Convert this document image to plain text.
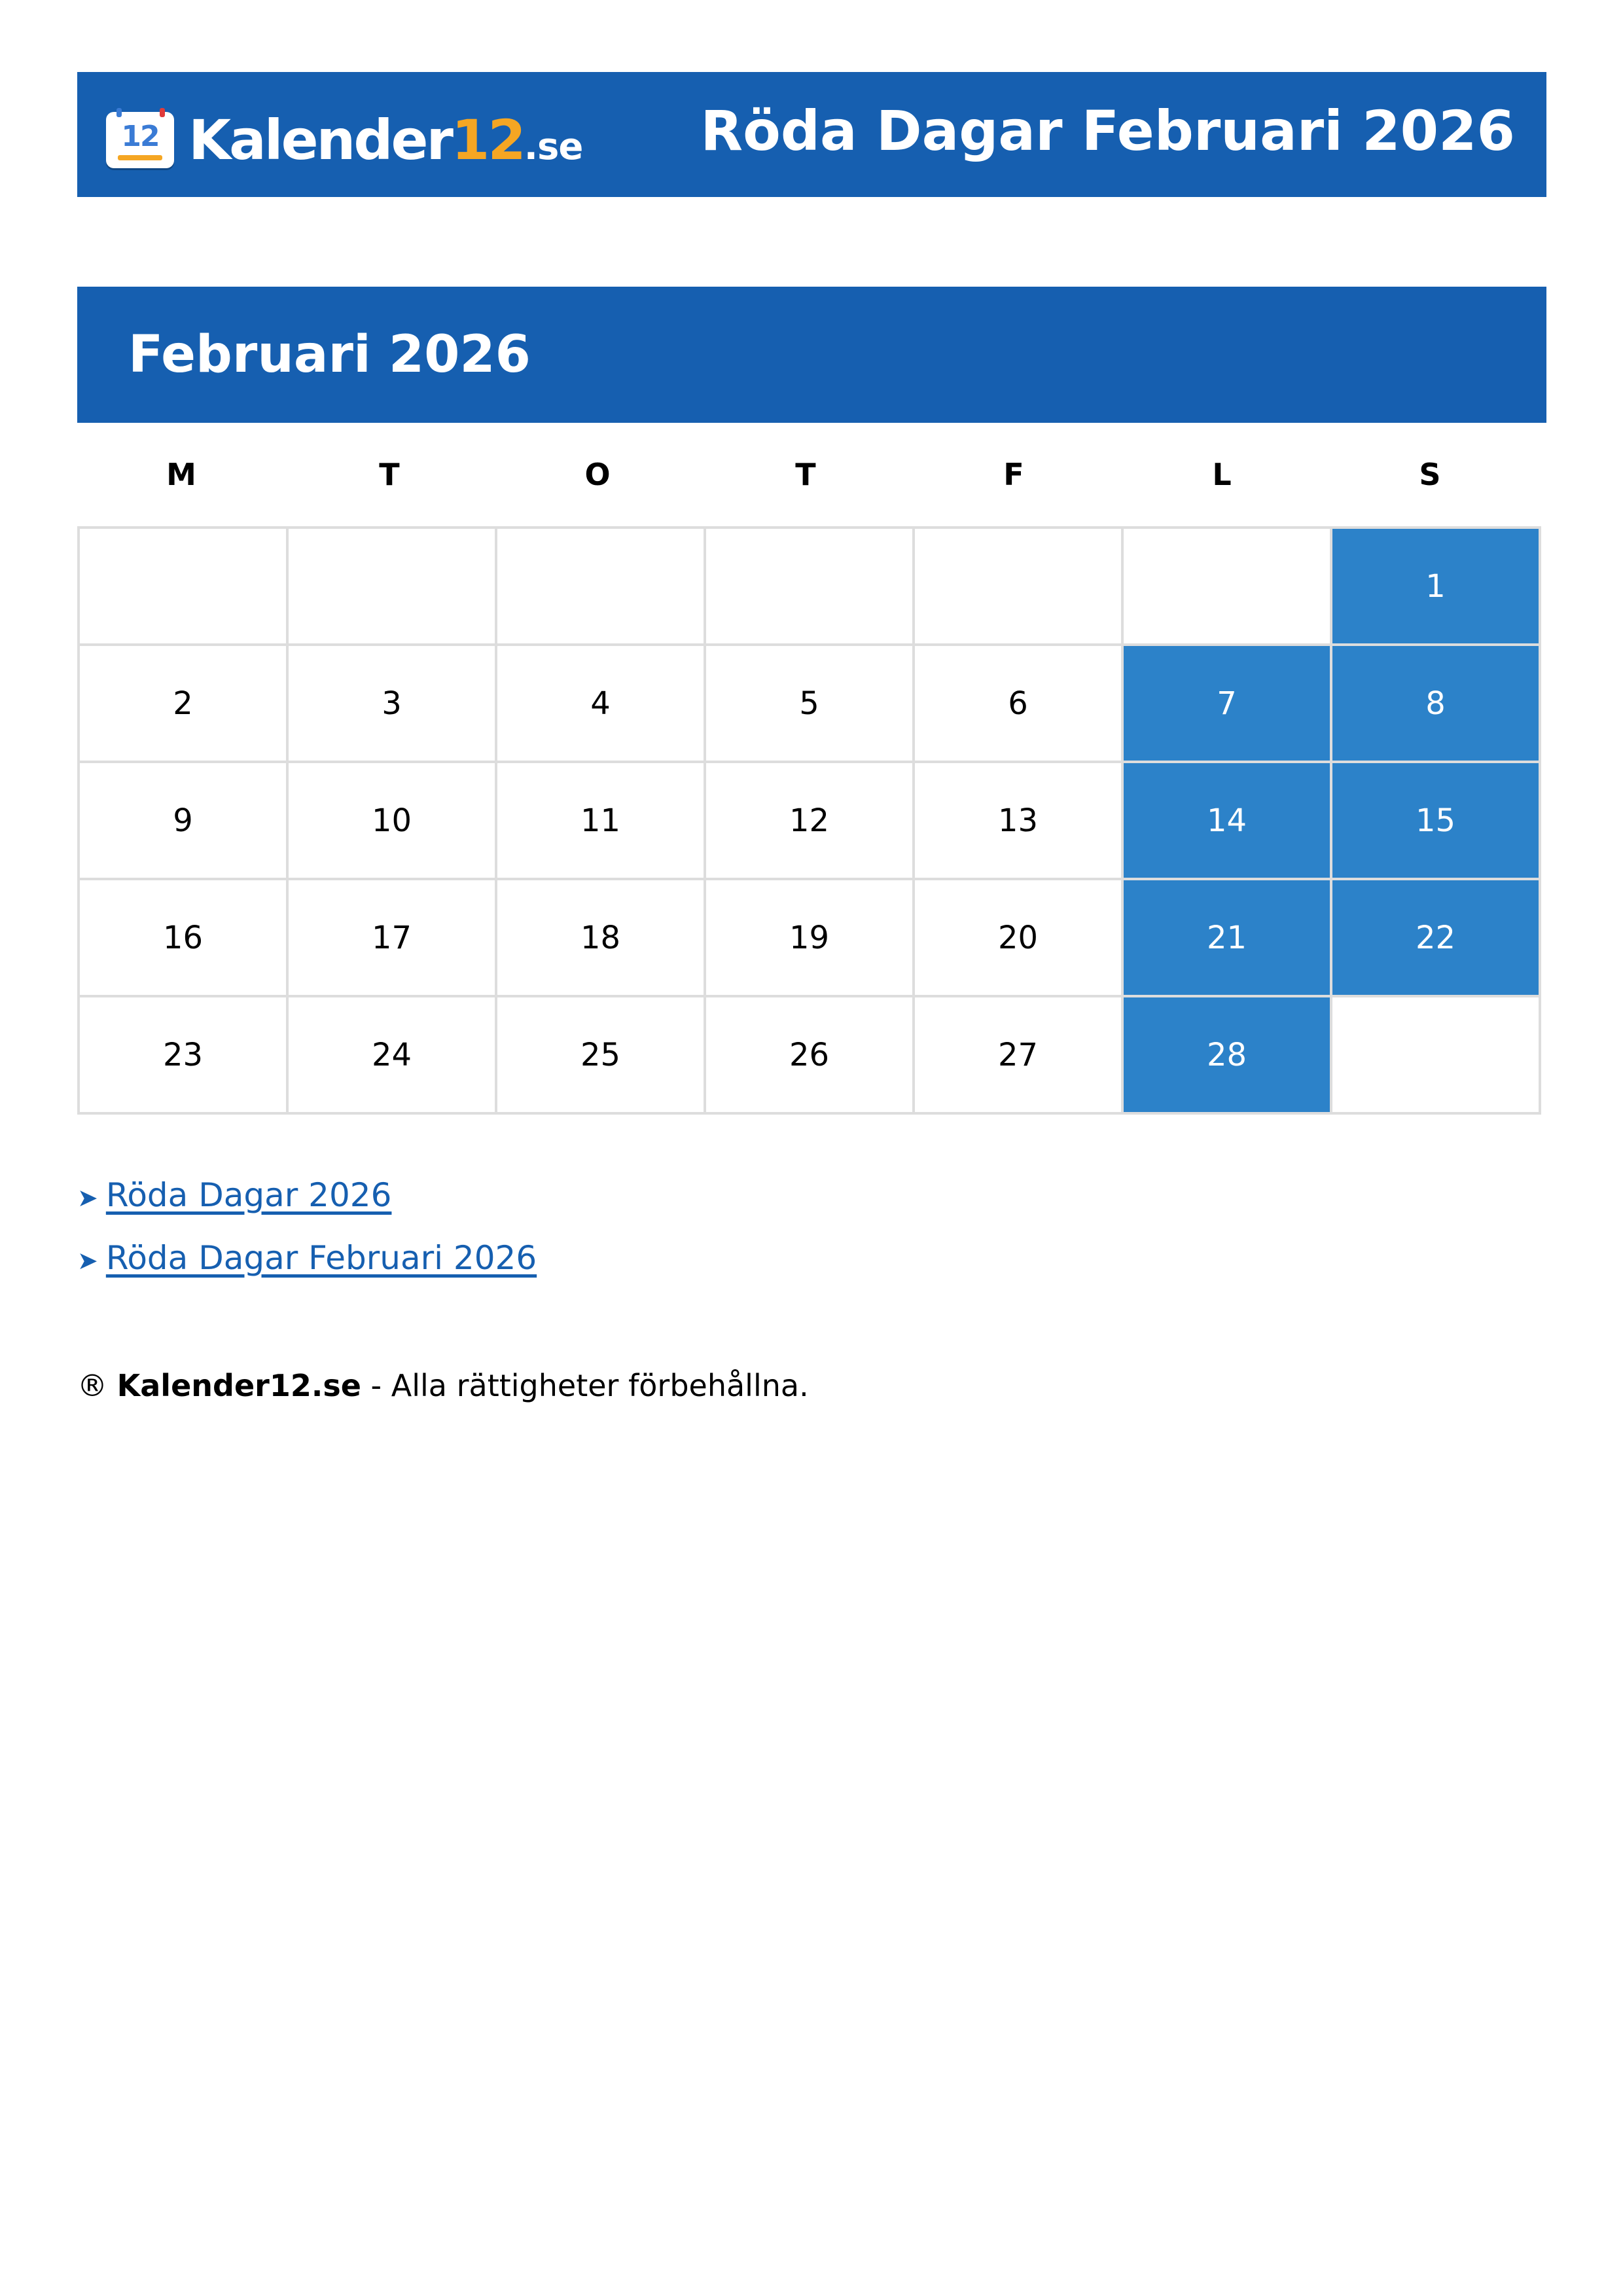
12 Kalender12.se Röda Dagar Februari 2026
Februari 2026
M	T	O	T	F	L	S
						1
2	3	4	5	6	7	8
9	10	11	12	13	14	15
16	17	18	19	20	21	22
23	24	25	26	27	28	
➤ Röda Dagar 2026
➤ Röda Dagar Februari 2026
® Kalender12.se - Alla rättigheter förbehållna.
